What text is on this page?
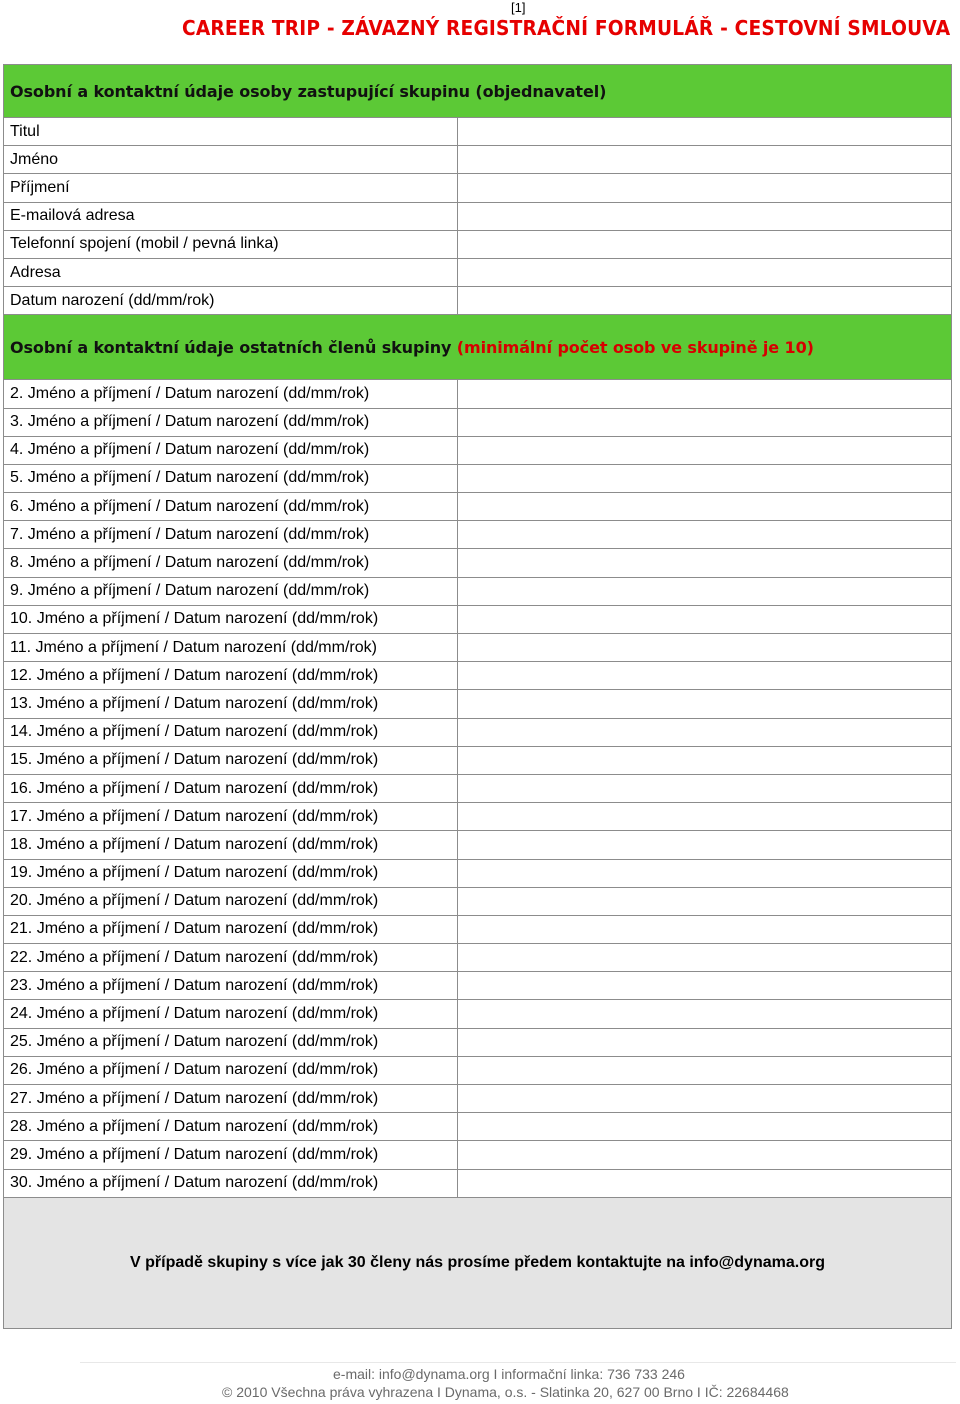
[1]
CAREER TRIP - ZÁVAZNÝ REGISTRAČNÍ FORMULÁŘ - CESTOVNÍ SMLOUVA
Osobní a kontaktní údaje osoby zastupující skupinu (objednavatel)	
Titul	
Jméno	
Příjmení	
E-mailová adresa	
Telefonní spojení (mobil / pevná linka)	
Adresa	
Datum narození (dd/mm/rok)	
Osobní a kontaktní údaje ostatních členů skupiny (minimální počet osob ve skupině je 10)	
2. Jméno a příjmení / Datum narození (dd/mm/rok)	
3. Jméno a příjmení / Datum narození (dd/mm/rok)	
4. Jméno a příjmení / Datum narození (dd/mm/rok)	
5. Jméno a příjmení / Datum narození (dd/mm/rok)	
6. Jméno a příjmení / Datum narození (dd/mm/rok)	
7. Jméno a příjmení / Datum narození (dd/mm/rok)	
8. Jméno a příjmení / Datum narození (dd/mm/rok)	
9. Jméno a příjmení / Datum narození (dd/mm/rok)	
10. Jméno a příjmení / Datum narození (dd/mm/rok)	
11. Jméno a příjmení / Datum narození (dd/mm/rok)	
12. Jméno a příjmení / Datum narození (dd/mm/rok)	
13. Jméno a příjmení / Datum narození (dd/mm/rok)	
14. Jméno a příjmení / Datum narození (dd/mm/rok)	
15. Jméno a příjmení / Datum narození (dd/mm/rok)	
16. Jméno a příjmení / Datum narození (dd/mm/rok)	
17. Jméno a příjmení / Datum narození (dd/mm/rok)	
18. Jméno a příjmení / Datum narození (dd/mm/rok)	
19. Jméno a příjmení / Datum narození (dd/mm/rok)	
20. Jméno a příjmení / Datum narození (dd/mm/rok)	
21. Jméno a příjmení / Datum narození (dd/mm/rok)	
22. Jméno a příjmení / Datum narození (dd/mm/rok)	
23. Jméno a příjmení / Datum narození (dd/mm/rok)	
24. Jméno a příjmení / Datum narození (dd/mm/rok)	
25. Jméno a příjmení / Datum narození (dd/mm/rok)	
26. Jméno a příjmení / Datum narození (dd/mm/rok)	
27. Jméno a příjmení / Datum narození (dd/mm/rok)	
28. Jméno a příjmení / Datum narození (dd/mm/rok)	
29. Jméno a příjmení / Datum narození (dd/mm/rok)	
30. Jméno a příjmení / Datum narození (dd/mm/rok)	
V případě skupiny s více jak 30 členy nás prosíme předem kontaktujte na info@dynama.org	
e-mail: info@dynama.org I informační linka: 736 733 246
© 2010 Všechna práva vyhrazena I Dynama, o.s. - Slatinka 20, 627 00 Brno I IČ: 22684468
